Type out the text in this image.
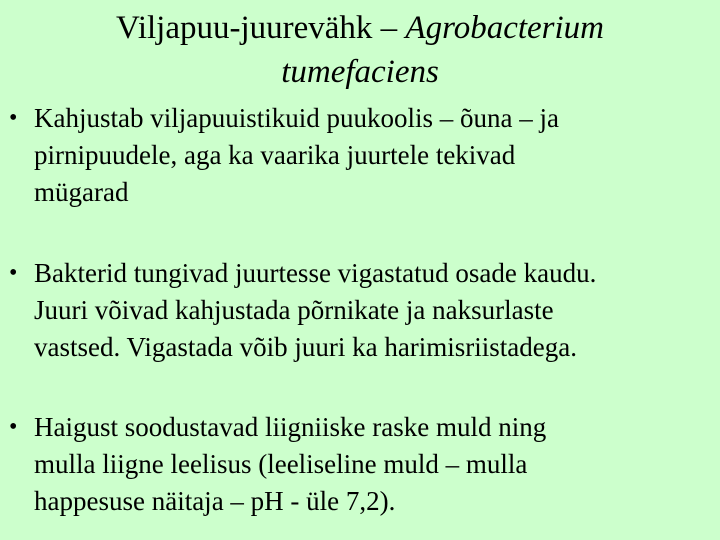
Viljapuu-juurevähk – Agrobacterium
tumefaciens
• Kahjustab viljapuuistikuid puukoolis – õuna – ja
pirnipuudele, aga ka vaarika juurtele tekivad
mügarad
• Bakterid tungivad juurtesse vigastatud osade kaudu.
Juuri võivad kahjustada põrnikate ja naksurlaste
vastsed. Vigastada võib juuri ka harimisriistadega.
• Haigust soodustavad liigniiske raske muld ning
mulla liigne leelisus (leeliseline muld – mulla
happesuse näitaja – pH - üle 7,2).
